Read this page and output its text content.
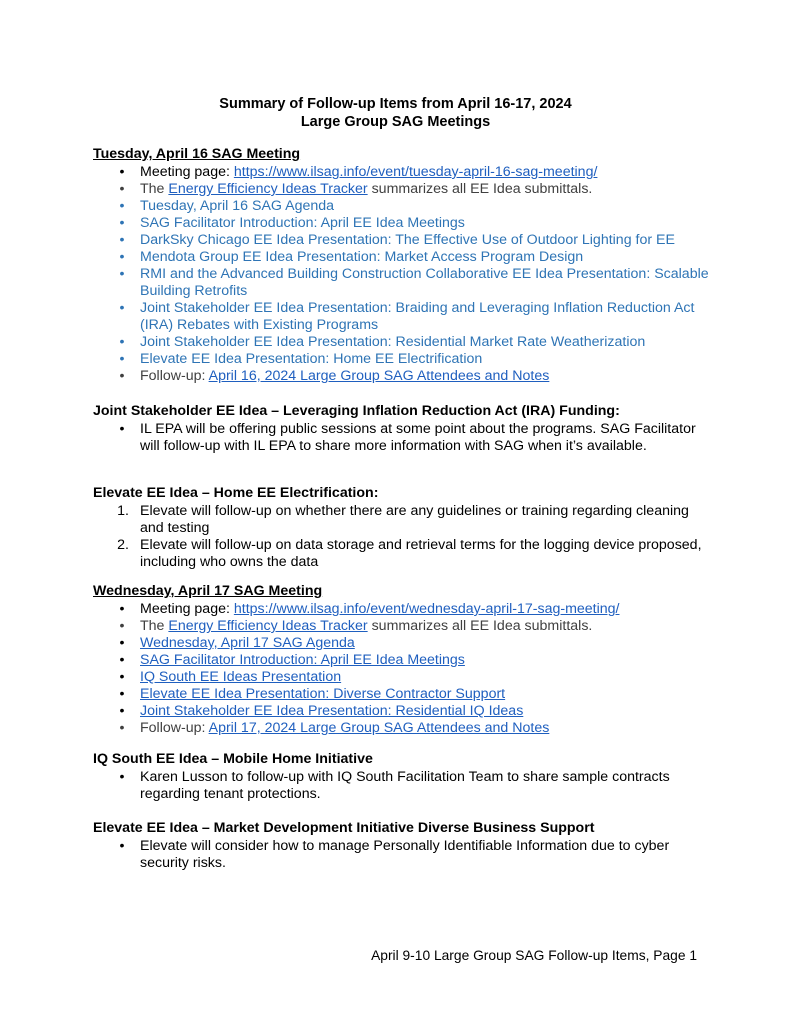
Summary of Follow-up Items from April 16-17, 2024
Large Group SAG Meetings
Tuesday, April 16 SAG Meeting
•	Meeting page: https://www.ilsag.info/event/tuesday-april-16-sag-meeting/
•	The Energy Efficiency Ideas Tracker summarizes all EE Idea submittals.
•	Tuesday, April 16 SAG Agenda
•	SAG Facilitator Introduction: April EE Idea Meetings
•	DarkSky Chicago EE Idea Presentation: The Effective Use of Outdoor Lighting for EE
•	Mendota Group EE Idea Presentation: Market Access Program Design
•	RMI and the Advanced Building Construction Collaborative EE Idea Presentation: Scalable Building Retrofits
•	Joint Stakeholder EE Idea Presentation: Braiding and Leveraging Inflation Reduction Act (IRA) Rebates with Existing Programs
•	Joint Stakeholder EE Idea Presentation: Residential Market Rate Weatherization
•	Elevate EE Idea Presentation: Home EE Electrification
•	Follow-up: April 16, 2024 Large Group SAG Attendees and Notes
Joint Stakeholder EE Idea – Leveraging Inflation Reduction Act (IRA) Funding:
•	IL EPA will be offering public sessions at some point about the programs. SAG Facilitator will follow-up with IL EPA to share more information with SAG when it’s available.
Elevate EE Idea – Home EE Electrification:
1. Elevate will follow-up on whether there are any guidelines or training regarding cleaning and testing
2. Elevate will follow-up on data storage and retrieval terms for the logging device proposed, including who owns the data
Wednesday, April 17 SAG Meeting
•	Meeting page: https://www.ilsag.info/event/wednesday-april-17-sag-meeting/
•	The Energy Efficiency Ideas Tracker summarizes all EE Idea submittals.
•	Wednesday, April 17 SAG Agenda
•	SAG Facilitator Introduction: April EE Idea Meetings
•	IQ South EE Ideas Presentation
•	Elevate EE Idea Presentation: Diverse Contractor Support
•	Joint Stakeholder EE Idea Presentation: Residential IQ Ideas
•	Follow-up: April 17, 2024 Large Group SAG Attendees and Notes
IQ South EE Idea – Mobile Home Initiative
•	Karen Lusson to follow-up with IQ South Facilitation Team to share sample contracts regarding tenant protections.
Elevate EE Idea – Market Development Initiative Diverse Business Support
•	Elevate will consider how to manage Personally Identifiable Information due to cyber security risks.
April 9-10 Large Group SAG Follow-up Items, Page 1
